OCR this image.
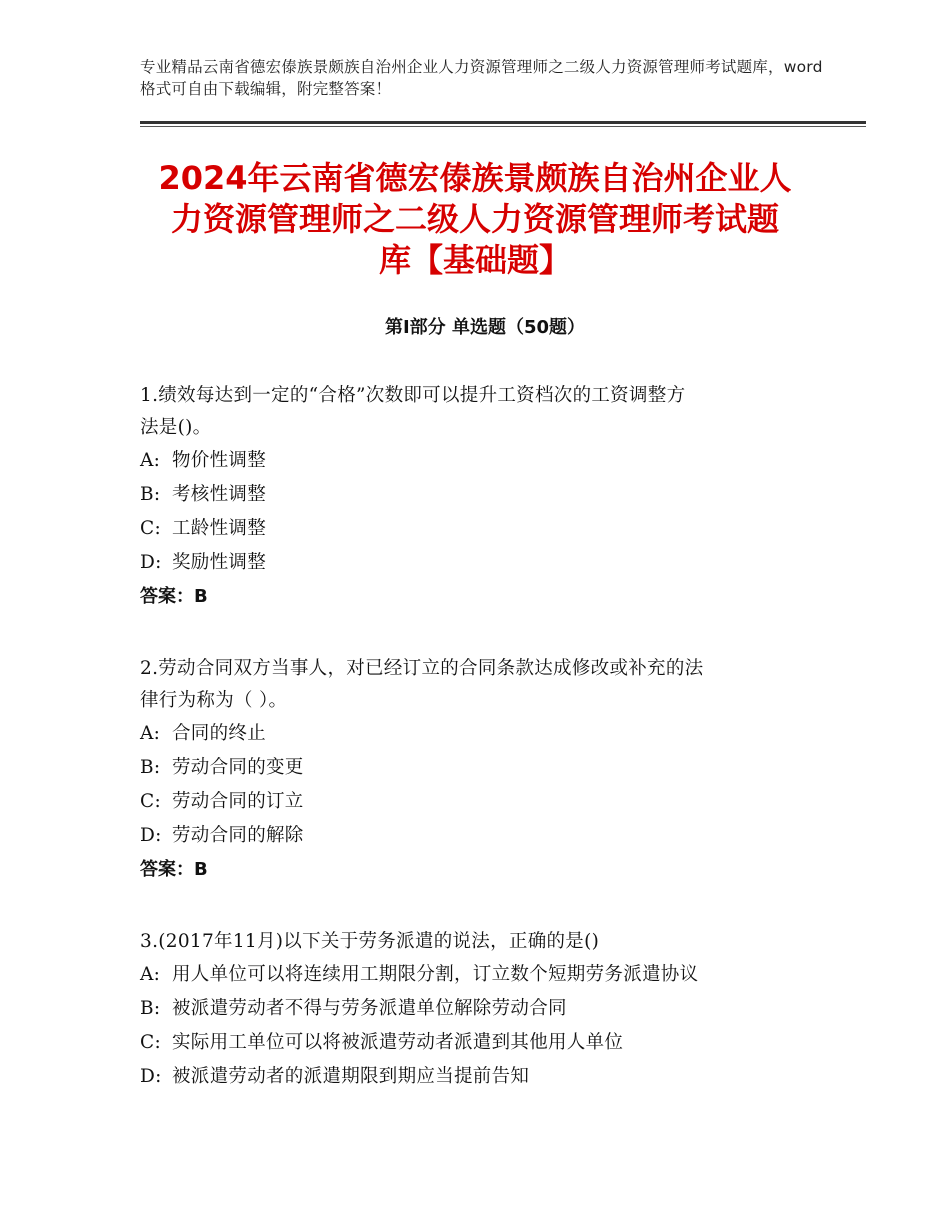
专业精品云南省德宏傣族景颇族自治州企业人力资源管理师之二级人力资源管理师考试题库，word格式可自由下载编辑，附完整答案！
2024年云南省德宏傣族景颇族自治州企业人
力资源管理师之二级人力资源管理师考试题
库【基础题】
第Ⅰ部分 单选题（50题）
1.绩效每达到一定的“合格”次数即可以提升工资档次的工资调整方
法是()。
A: 物价性调整
B: 考核性调整
C: 工龄性调整
D: 奖励性调整
答案：B
2.劳动合同双方当事人，对已经订立的合同条款达成修改或补充的法
律行为称为（ ）。
A: 合同的终止
B: 劳动合同的变更
C: 劳动合同的订立
D: 劳动合同的解除
答案：B
3.(2017年11月)以下关于劳务派遣的说法，正确的是()
A: 用人单位可以将连续用工期限分割，订立数个短期劳务派遣协议
B: 被派遣劳动者不得与劳务派遣单位解除劳动合同
C: 实际用工单位可以将被派遣劳动者派遣到其他用人单位
D: 被派遣劳动者的派遣期限到期应当提前告知
